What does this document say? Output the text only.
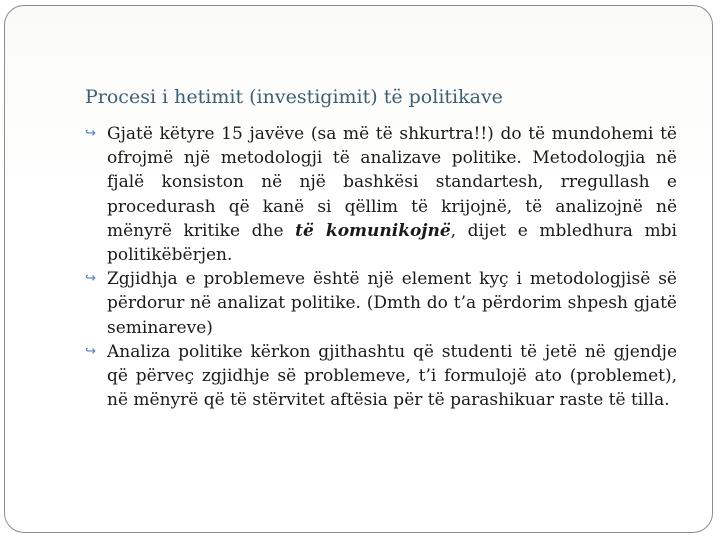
Procesi i hetimit (investigimit) të politikave
↪ Gjatë këtyre 15 javëve (sa më të shkurtra!!) do të mundohemi të ofrojmë një metodologji të analizave politike. Metodologjia në fjalë konsiston në një bashkësi standartesh, rregullash e procedurash që kanë si qëllim të krijojnë, të analizojnë në mënyrë kritike dhe të komunikojnë, dijet e mbledhura mbi politikëbërjen.
↪ Zgjidhja e problemeve është një element kyç i metodologjisë së përdorur në analizat politike. (Dmth do t’a përdorim shpesh gjatë seminareve)
↪ Analiza politike kërkon gjithashtu që studenti të jetë në gjendje që përveç zgjidhje së problemeve, t’i formulojë ato (problemet), në mënyrë që të stërvitet aftësia për të parashikuar raste të tilla.
